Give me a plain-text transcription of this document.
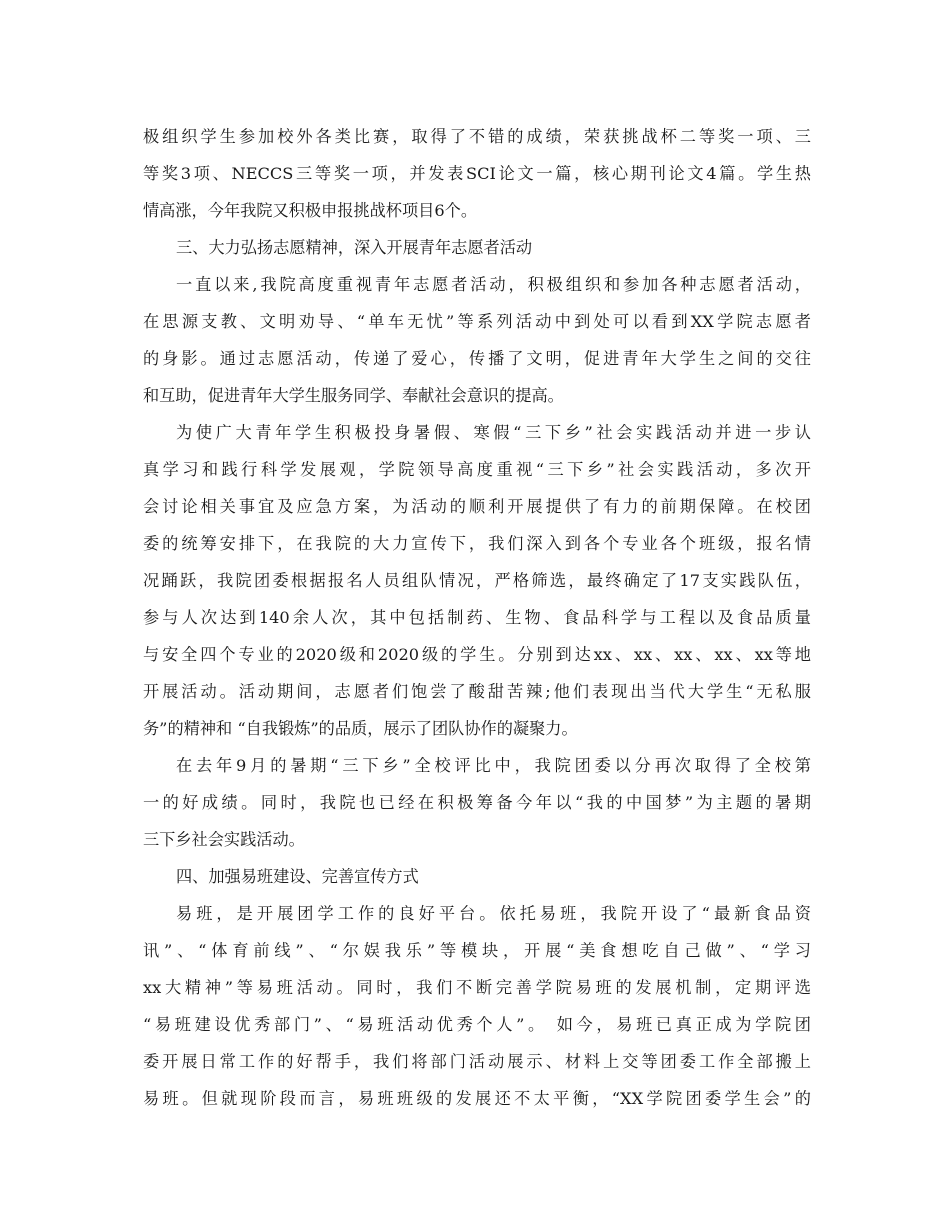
极组织学生参加校外各类比赛，取得了不错的成绩，荣获挑战杯二等奖一项、三
等奖3项、NECCS三等奖一项，并发表SCI论文一篇，核心期刊论文4篇。学生热
情高涨，今年我院又积极申报挑战杯项目6个。
三、大力弘扬志愿精神，深入开展青年志愿者活动
一直以来,我院高度重视青年志愿者活动，积极组织和参加各种志愿者活动，
在思源支教、文明劝导、“单车无忧”等系列活动中到处可以看到XX学院志愿者
的身影。通过志愿活动，传递了爱心，传播了文明，促进青年大学生之间的交往
和互助，促进青年大学生服务同学、奉献社会意识的提高。
为使广大青年学生积极投身暑假、寒假“三下乡”社会实践活动并进一步认
真学习和践行科学发展观，学院领导高度重视“三下乡”社会实践活动，多次开
会讨论相关事宜及应急方案，为活动的顺利开展提供了有力的前期保障。在校团
委的统筹安排下，在我院的大力宣传下，我们深入到各个专业各个班级，报名情
况踊跃，我院团委根据报名人员组队情况，严格筛选，最终确定了17支实践队伍，
参与人次达到140余人次，其中包括制药、生物、食品科学与工程以及食品质量
与安全四个专业的2020级和2020级的学生。分别到达xx、xx、xx、xx、xx等地
开展活动。活动期间，志愿者们饱尝了酸甜苦辣;他们表现出当代大学生“无私服
务”的精神和 “自我锻炼”的品质，展示了团队协作的凝聚力。
在去年9月的暑期“三下乡”全校评比中，我院团委以分再次取得了全校第
一的好成绩。同时，我院也已经在积极筹备今年以“我的中国梦”为主题的暑期
三下乡社会实践活动。
四、加强易班建设、完善宣传方式
易班，是开展团学工作的良好平台。依托易班，我院开设了“最新食品资
讯”、“体育前线”、“尔娱我乐”等模块，开展“美食想吃自己做”、“学习
xx大精神”等易班活动。同时，我们不断完善学院易班的发展机制，定期评选
“易班建设优秀部门”、“易班活动优秀个人”。 如今，易班已真正成为学院团
委开展日常工作的好帮手，我们将部门活动展示、材料上交等团委工作全部搬上
易班。但就现阶段而言，易班班级的发展还不太平衡，“XX学院团委学生会”的
